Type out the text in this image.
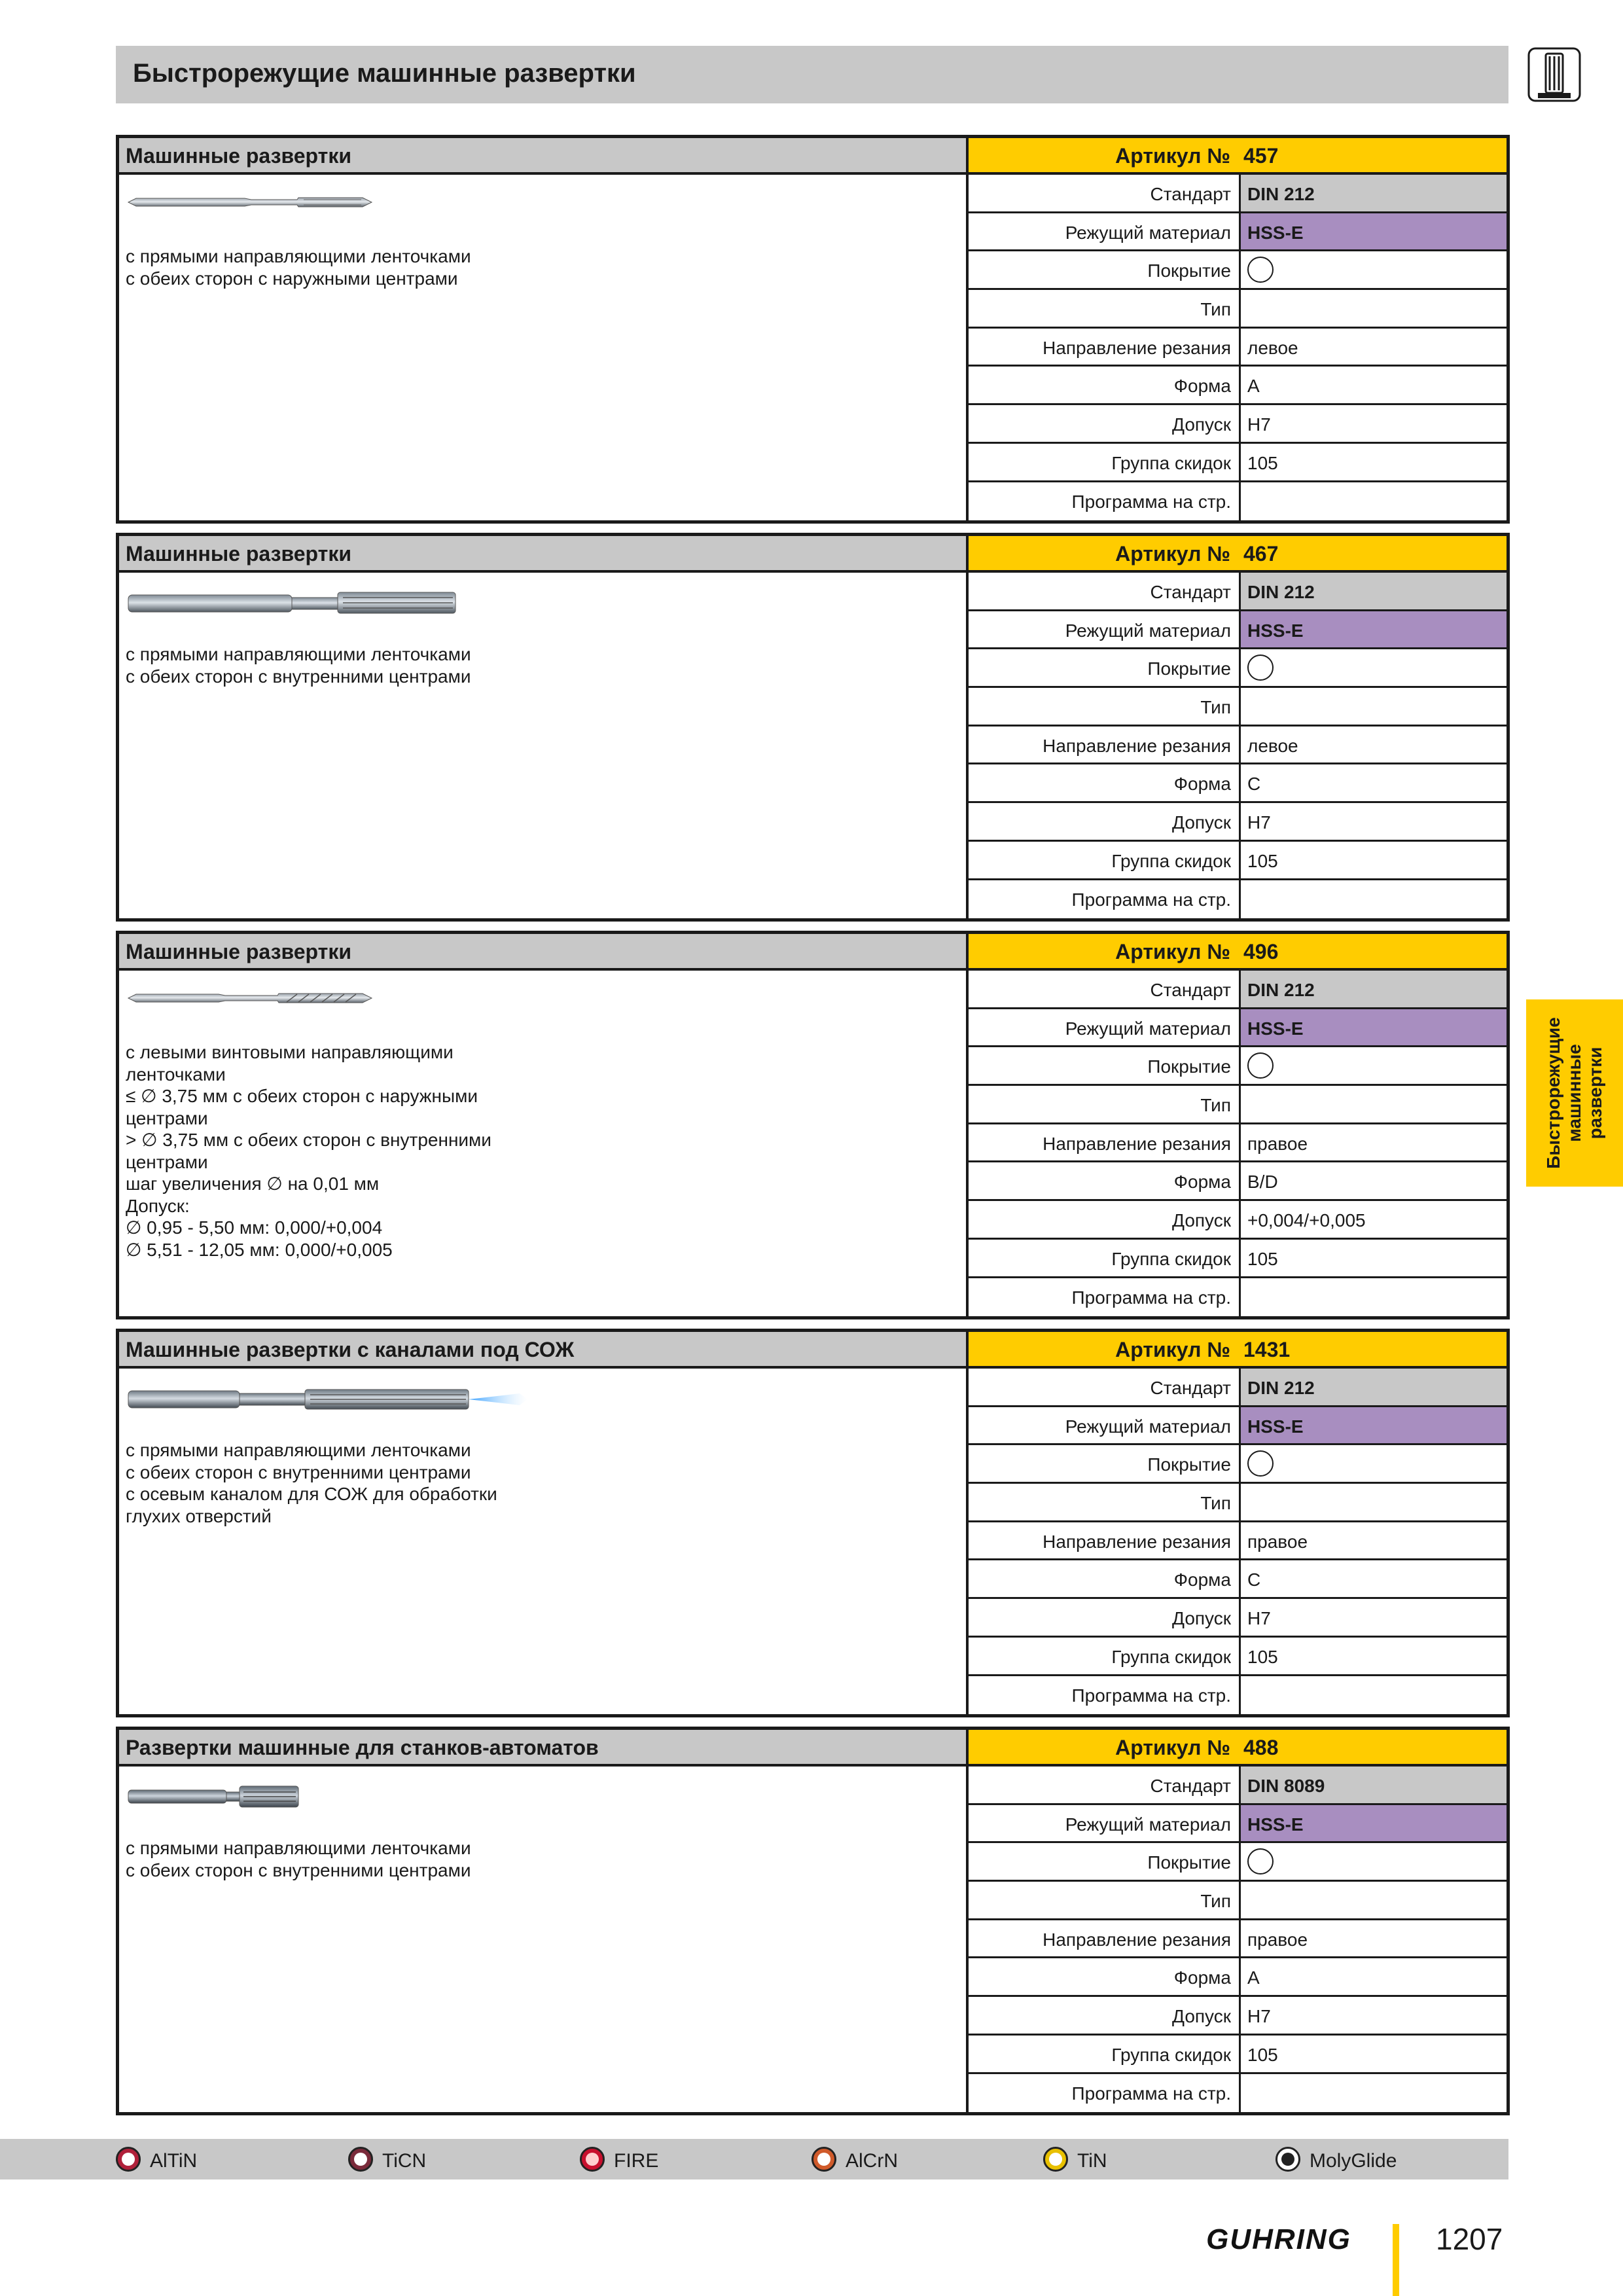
Быстрорежущие машинные развертки
Машинные развертки	Артикул № 457
с прямыми направляющими ленточками
с обеих сторон с наружными центрами
Стандарт DIN 212
Режущий материал HSS-E
Покрытие
Тип
Направление резания левое
Форма A
Допуск H7
Группа скидок 105
Программа на стр.
Машинные развертки	Артикул № 467
с прямыми направляющими ленточками
с обеих сторон с внутренними центрами
Стандарт DIN 212
Режущий материал HSS-E
Покрытие
Тип
Направление резания левое
Форма C
Допуск H7
Группа скидок 105
Программа на стр.
Машинные развертки	Артикул № 496
с левыми винтовыми направляющими
ленточками
≤ ∅ 3,75 мм с обеих сторон с наружными
центрами
> ∅ 3,75 мм с обеих сторон с внутренними
центрами
шаг увеличения ∅ на 0,01 мм
Допуск:
∅ 0,95 - 5,50 мм: 0,000/+0,004
∅ 5,51 - 12,05 мм: 0,000/+0,005
Стандарт DIN 212
Режущий материал HSS-E
Покрытие
Тип
Направление резания правое
Форма B/D
Допуск +0,004/+0,005
Группа скидок 105
Программа на стр.
Машинные развертки с каналами под СОЖ	Артикул № 1431
с прямыми направляющими ленточками
с обеих сторон с внутренними центрами
с осевым каналом для СОЖ для обработки
глухих отверстий
Стандарт DIN 212
Режущий материал HSS-E
Покрытие
Тип
Направление резания правое
Форма C
Допуск H7
Группа скидок 105
Программа на стр.
Развертки машинные для станков-автоматов	Артикул № 488
с прямыми направляющими ленточками
с обеих сторон с внутренними центрами
Стандарт DIN 8089
Режущий материал HSS-E
Покрытие
Тип
Направление резания правое
Форма A
Допуск H7
Группа скидок 105
Программа на стр.
Быстрорежущие машинные развертки
AlTiN	TiCN	FIRE	AlCrN	TiN	MolyGlide
GUHRING	1207
